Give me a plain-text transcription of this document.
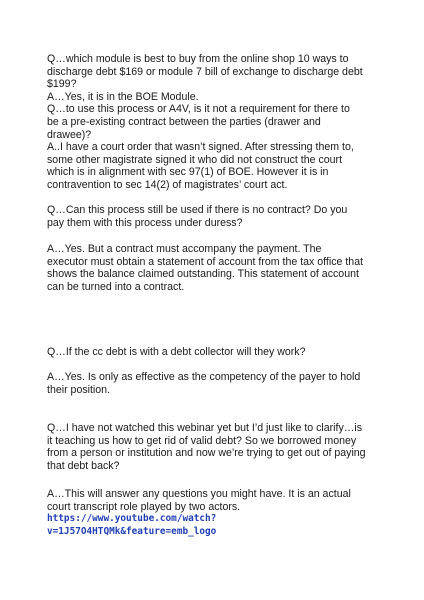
Q…which module is best to buy from the online shop 10 ways to

discharge debt $169 or module 7 bill of exchange to discharge debt

$199?

A…Yes, it is in the BOE Module.

Q…to use this process or A4V, is it not a requirement for there to

be a pre-existing contract between the parties (drawer and

drawee)?

A..I have a court order that wasn’t signed. After stressing them to,

some other magistrate signed it who did not construct the court

which is in alignment with sec 97(1) of BOE. However it is in

contravention to sec 14(2) of magistrates’ court act.

Q…Can this process still be used if there is no contract? Do you

pay them with this process under duress?

A…Yes. But a contract must accompany the payment. The

executor must obtain a statement of account from the tax office that

shows the balance claimed outstanding. This statement of account

can be turned into a contract.

Q…If the cc debt is with a debt collector will they work?

A…Yes. Is only as effective as the competency of the payer to hold

their position.

Q…I have not watched this webinar yet but I’d just like to clarify…is

it teaching us how to get rid of valid debt? So we borrowed money

from a person or institution and now we’re trying to get out of paying

that debt back?

A…This will answer any questions you might have. It is an actual

court transcript role played by two actors.

https://www.youtube.com/watch?
v=1J57O4HTQMk&feature=emb_logo
